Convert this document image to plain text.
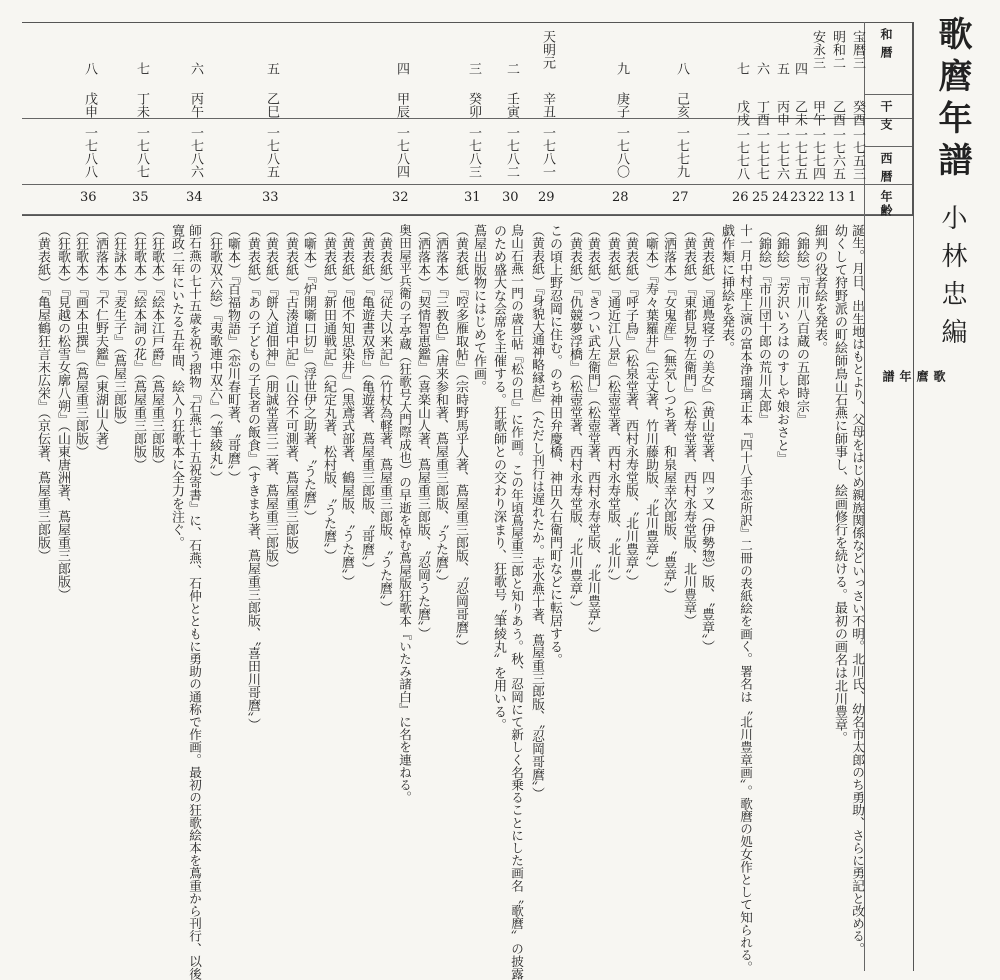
歌麿年譜
小林忠編
和暦
干支
西暦
年齢
歌
麿
年
譜
宝暦三
癸酉
一七五三
1
明和二
乙酉
一七六五
13
安永三
甲午
一七七四
22
四
乙未
一七七五
23
五
丙申
一七七六
24
六
丁酉
一七七七
25
七
戊戌
一七七八
26
八
己亥
一七七九
27
九
庚子
一七八〇
28
天明元
辛丑
一七八一
29
二
壬寅
一七八二
30
三
癸卯
一七八三
31
四
甲辰
一七八四
32
五
乙巳
一七八五
33
六
丙午
一七八六
34
七
丁未
一七八七
35
八
戊申
一七八八
36
誕生。月日、出生地はもとより、父母をはじめ親族関係などいっさい不明。北川氏、幼名市太郎のち勇助、さらに勇記と改める。
幼くして狩野派の町絵師鳥山石燕に師事し、絵画修行を続ける。最初の画名は北川豊章。
細判の役者絵を発表。
（錦絵）『市川八百蔵の五郎時宗』
（錦絵）『芳沢いろはのすしや娘おさと』
（錦絵）『市川団十郎の荒川太郎』
十一月中村座上演の富本浄瑠璃正本『四十八手恋所訳』二冊の表紙絵を画く。署名は〝北川豊章画〟。歌麿の処女作として知られる。
戯作類に挿絵を発表。
（黄表紙）『通鳧寝子の美女』（黄山堂著、四ッ又（伊勢惣）版、〝豊章〟）
（黄表紙）『東都見物左衛門』（松寿堂著、西村永寿堂版、北川豊章）
（洒落本）『女鬼産』（無気しつち著、和泉屋幸次郎版、〝豊章〟）
（噺本）『寿々葉羅井』（志丈著、竹川藤助版、〝北川豊章〟）
（黄表紙）『呼子鳥』（松泉堂著、西村永寿堂版、〝北川豊章〟）
（黄表紙）『通近江八景』（松壺堂著、西村永寿堂版、〝北川〟）
（黄表紙）『きつい武左衛門』（松壺堂著、西村永寿堂版、〝北川豊章〟）
（黄表紙）『仇競夢浮橋』（松壺堂著、西村永寿堂版、〝北川豊章〟）
この頃上野忍岡に住む。のち神田弁慶橋、神田久右衛門町などに転居する。
（黄表紙）『身貌大通神略縁起』（ただし刊行は遅れたか。志水燕十著、蔦屋重三郎版、〝忍岡哥麿〟）
鳥山石燕一門の歳旦帖『松の旦』に作画。この年頃蔦屋重三郎と知りあう。秋、忍岡にて新しく名乗ることにした画名〝歌麿〟の披露
のため盛大な会席を主催する。狂歌師との交わり深まり、狂歌号〝筆綾丸〟を用いる。
蔦屋出版物にはじめて作画。
（黄表紙）『啌多雁取帖』（宗時野馬乎人著、蔦屋重三郎版、〝忍岡哥麿〟）
（洒落本）『三教色』（唐来参和著、蔦屋重三郎版、〝うた麿〟）
（洒落本）『契情智恵鑑』（喜楽山人著、蔦屋重三郎版、〝忍岡うた麿〟）
奥田屋平兵衛の子亭蔵（狂歌号大門際成也）の早逝を悼む蔦屋版狂歌本『いたみ諸白』に名を連ねる。
（黄表紙）『従夫以来記』（竹杖為軽著、蔦屋重三郎版、〝うた麿〟）
（黄表紙）『亀遊書双帋』（亀遊著、蔦屋重三郎版、〝哥麿〟）
（黄表紙）『他不知思染井』（黒鳶式部著、鶴屋版、〝うた麿〟）
（黄表紙）『新田通戦記』（紀定丸著、松村版、〝うた麿〟）
（噺本）『炉開噺口切』（浮世伊之助著、〝うた麿〟）
（黄表紙）『古湊道中記』（山谷不可測著、蔦屋重三郎版）
（黄表紙）『餅入道佃神』（朋誠堂喜三二著、蔦屋重三郎版）
（黄表紙）『あの子どもの子長者の飯食』（すきまち著、蔦屋重三郎版、〝喜田川哥麿〟）
（噺本）『百福物語』（恋川春町著、〝哥麿〟）
（狂歌双六絵）『夷歌連中双六』（〝筆綾丸〟）
師石燕の七十五歳を祝う摺物『石燕七十五祝寄書』に、石燕、石仲とともに勇助の通称で作画。最初の狂歌絵本を蔦重から刊行、以後
寛政二年にいたる五年間、絵入り狂歌本に全力を注ぐ。
（狂歌本）『絵本江戸爵』（蔦屋重三郎版）
（狂歌本）『絵本詞の花』（蔦屋重三郎版）
（狂詠本）『麦生子』（蔦屋三郎版）
（洒落本）『不仁野夫鑑』（東湖山人著）
（狂歌本）『画本虫撰』（蔦屋重三郎版）
（狂歌本）『見越の松雪女廓八朔』（山東唐洲著、蔦屋重三郎版）
（黄表紙）『亀屋鶴狂言末広栄』（京伝著、蔦屋重三郎版）
